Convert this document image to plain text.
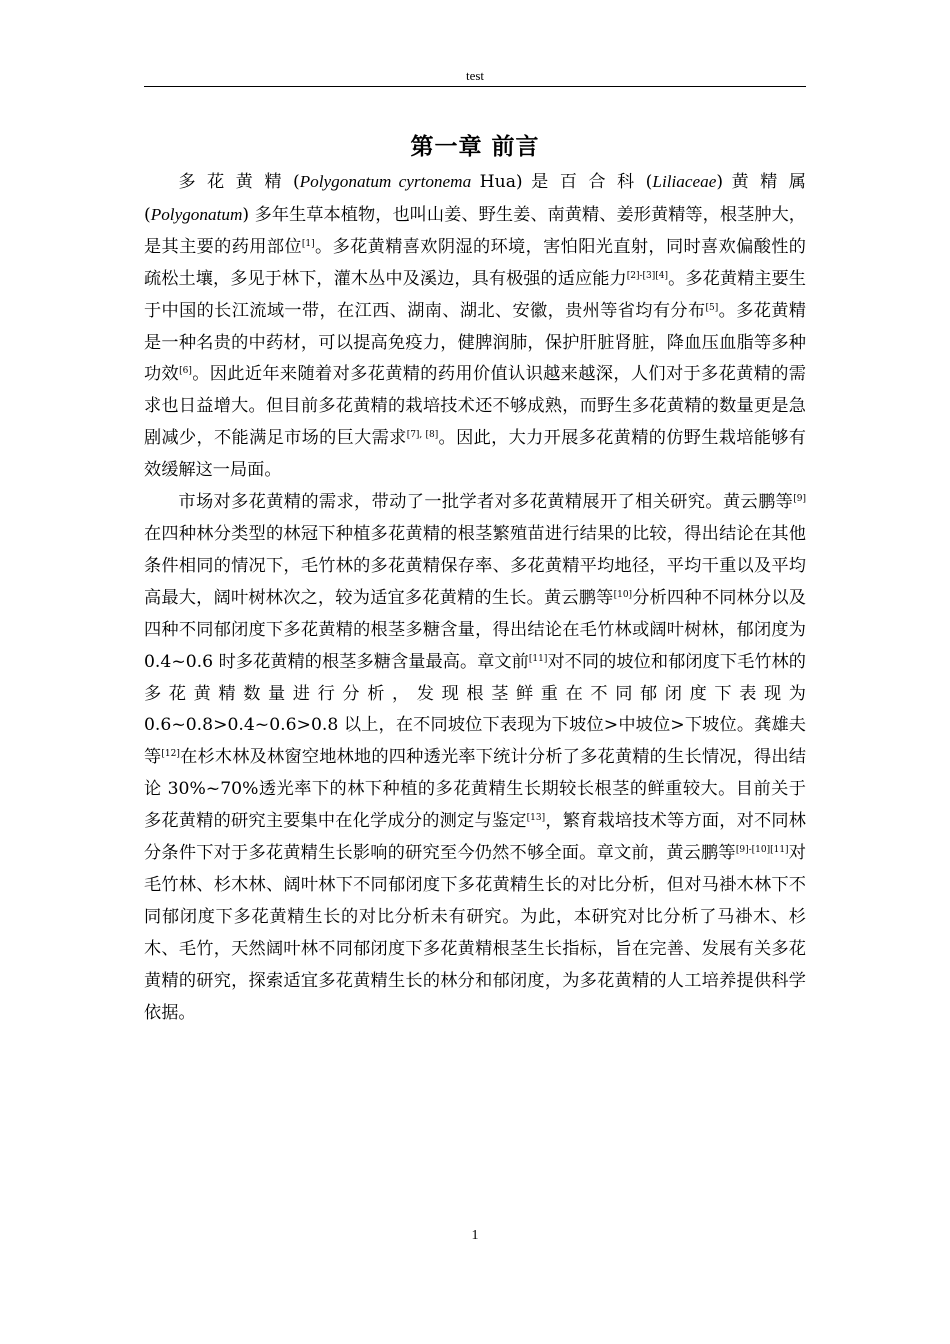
test
第一章 前言

多 花 黄 精 (Polygonatum cyrtonema Hua) 是 百 合 科 (Liliaceae) 黄 精 属 (Polygonatum) 多年生草本植物，也叫山姜、野生姜、南黄精、姜形黄精等，根茎肿大，是其主要的药用部位[1]。多花黄精喜欢阴湿的环境，害怕阳光直射，同时喜欢偏酸性的疏松土壤，多见于林下，灌木丛中及溪边，具有极强的适应能力[2]-[3][4]。多花黄精主要生于中国的长江流域一带，在江西、湖南、湖北、安徽，贵州等省均有分布[5]。多花黄精是一种名贵的中药材，可以提高免疫力，健脾润肺，保护肝脏肾脏，降血压血脂等多种功效[6]。因此近年来随着对多花黄精的药用价值认识越来越深，人们对于多花黄精的需求也日益增大。但目前多花黄精的栽培技术还不够成熟，而野生多花黄精的数量更是急剧减少，不能满足市场的巨大需求[7], [8]。因此，大力开展多花黄精的仿野生栽培能够有效缓解这一局面。

市场对多花黄精的需求，带动了一批学者对多花黄精展开了相关研究。黄云鹏等[9]在四种林分类型的林冠下种植多花黄精的根茎繁殖苗进行结果的比较，得出结论在其他条件相同的情况下，毛竹林的多花黄精保存率、多花黄精平均地径，平均干重以及平均高最大，阔叶树林次之，较为适宜多花黄精的生长。黄云鹏等[10]分析四种不同林分以及四种不同郁闭度下多花黄精的根茎多糖含量，得出结论在毛竹林或阔叶树林，郁闭度为 0.4~0.6 时多花黄精的根茎多糖含量最高。章文前[11]对不同的坡位和郁闭度下毛竹林的多花黄精数量进行分析，发现根茎鲜重在不同郁闭度下表现为 0.6~0.8>0.4~0.6>0.8 以上，在不同坡位下表现为下坡位>中坡位>下坡位。龚雄夫等[12]在杉木林及林窗空地林地的四种透光率下统计分析了多花黄精的生长情况，得出结论 30%~70%透光率下的林下种植的多花黄精生长期较长根茎的鲜重较大。目前关于多花黄精的研究主要集中在化学成分的测定与鉴定[13]，繁育栽培技术等方面，对不同林分条件下对于多花黄精生长影响的研究至今仍然不够全面。章文前，黄云鹏等[9]-[10][11]对毛竹林、杉木林、阔叶林下不同郁闭度下多花黄精生长的对比分析，但对马褂木林下不同郁闭度下多花黄精生长的对比分析未有研究。为此，本研究对比分析了马褂木、杉木、毛竹，天然阔叶林不同郁闭度下多花黄精根茎生长指标，旨在完善、发展有关多花黄精的研究，探索适宜多花黄精生长的林分和郁闭度，为多花黄精的人工培养提供科学依据。

1
